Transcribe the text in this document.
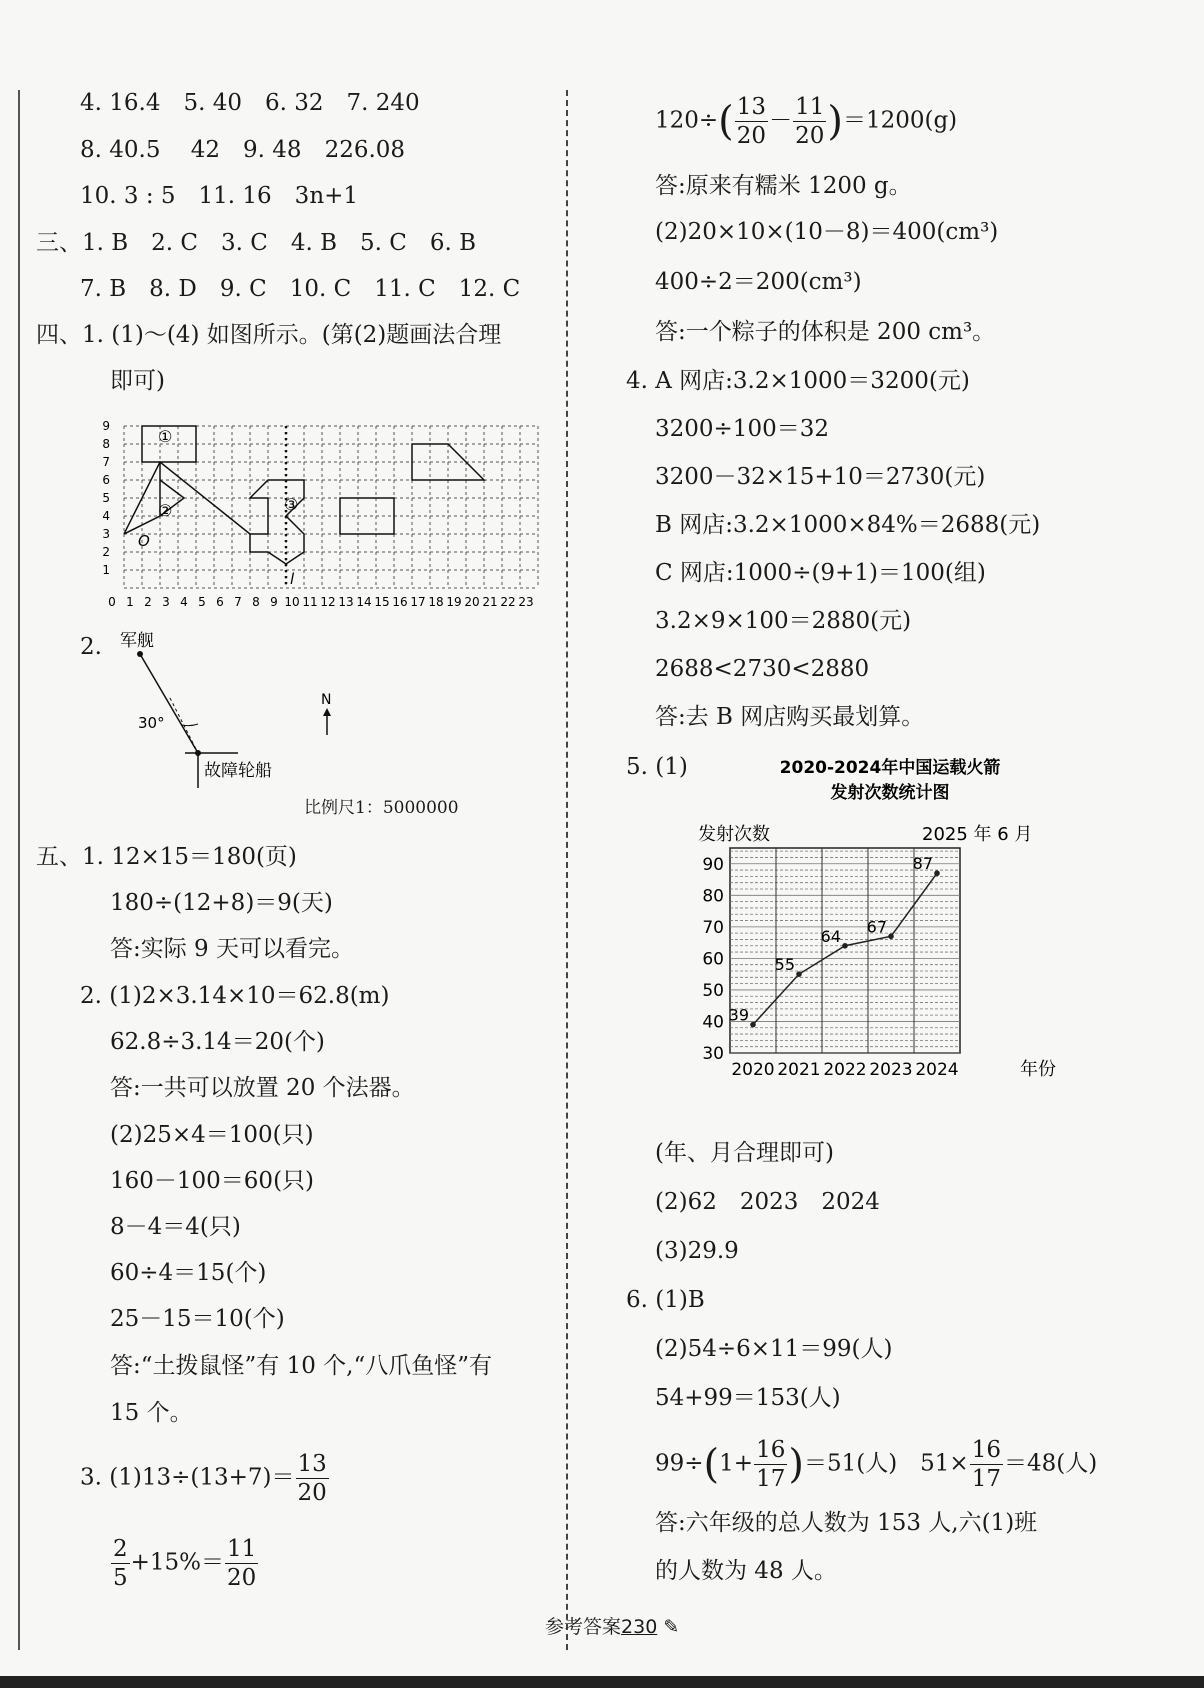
4. 16.4　5. 40　6. 32　7. 240
8. 40.5　 42　9. 48　226.08
10. 3 : 5　11. 16　3n+1
三、1. B　2. C　3. C　4. B　5. C　6. B
7. B　8. D　9. C　10. C　11. C　12. C
四、1. (1)～(4) 如图所示。(第(2)题画法合理
即可)
①
②	③
O
l
0 1 2 3 4 5 6 7 8 9 10 11 12 13 14 15 16 17 18 19 20 21 22 23
1
2
3
4
5
6
7
8
9
2. 军舰
30°
N
故障轮船
比例尺1：5000000
五、1. 12×15＝180(页)
180÷(12+8)＝9(天)
答:实际 9 天可以看完。
2. (1)2×3.14×10＝62.8(m)
62.8÷3.14＝20(个)
答:一共可以放置 20 个法器。
(2)25×4＝100(只)
160－100＝60(只)
8－4＝4(只)
60÷4＝15(个)
25－15＝10(个)
答:“土拨鼠怪”有 10 个,“八爪鱼怪”有
15 个。
3. $(1)13\div(13+7)= \frac{13}{20}$
$\frac{2}{5} +15\%= \frac{11}{20}$
$120\div( \frac{13}{20} - \frac{11}{20} )=1200(g)$
答:原来有糯米 1200 g。
(2)20×10×(10－8)＝400(cm³)
400÷2＝200(cm³)
答:一个粽子的体积是 200 cm³。
4. A 网店:3.2×1000＝3200(元)
3200÷100＝32
3200－32×15+10＝2730(元)
B 网店:3.2×1000×84%＝2688(元)
C 网店:1000÷(9+1)＝100(组)
3.2×9×100＝2880(元)
2688<2730<2880
答:去 B 网店购买最划算。
5. (1)	2020-2024年中国运载火箭
发射次数统计图
发射次数	2025 年 6 月
年份
30
40
50
60
70
80
90
2020 2021 2022 2023 2024
39
55
64 67
87
(年、月合理即可)
(2)62　2023　2024
(3)29.9
6. (1)B
(2)54÷6×11＝99(人)
54+99＝153(人)
$99\div(1+ \frac{16}{17} )=51$(人)　$51\times \frac{16}{17} =48$(人)
答:六年级的总人数为 153 人,六(1)班
的人数为 48 人。
参考答案230 ✎
